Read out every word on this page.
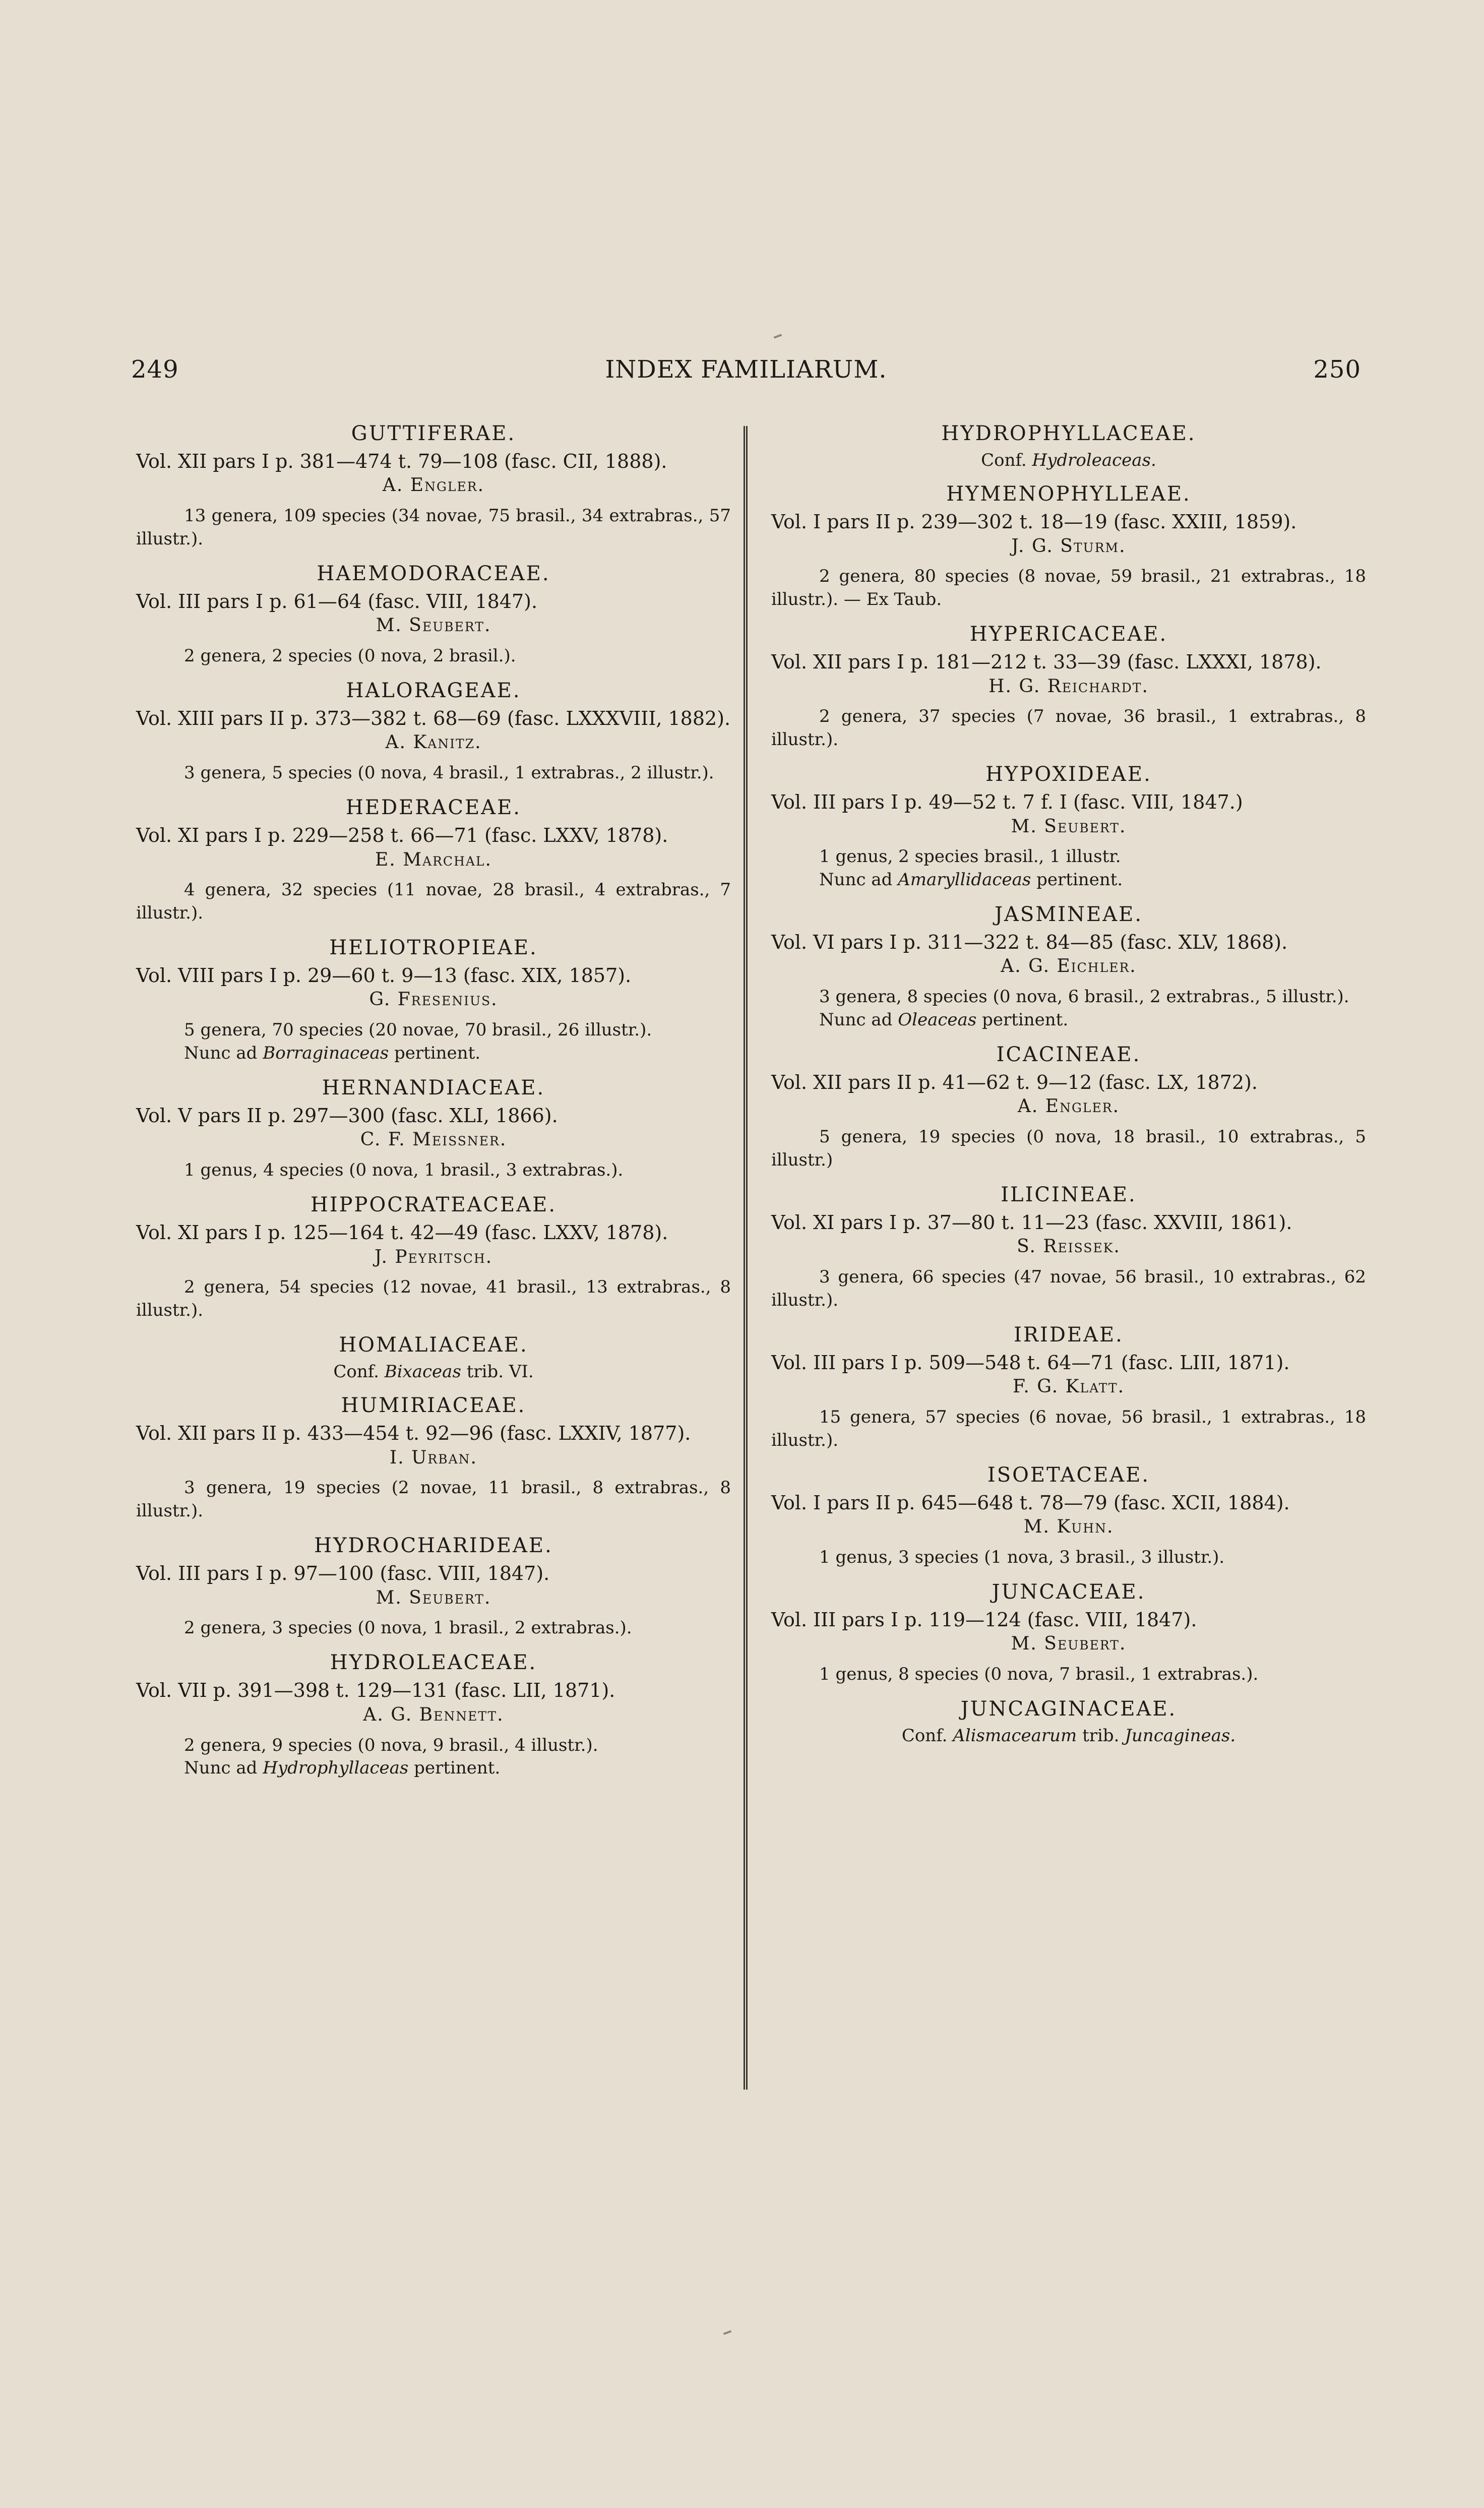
249	INDEX FAMILIARUM.	250
GUTTIFERAE.
Vol. XII pars I p. 381—474 t. 79—108 (fasc. CII, 1888).
A. Engler.
13 genera, 109 species (34 novae, 75 brasil., 34 extrabras., 57 illustr.).
HAEMODORACEAE.
Vol. III pars I p. 61—64 (fasc. VIII, 1847).
M. Seubert.
2 genera, 2 species (0 nova, 2 brasil.).
HALORAGEAE.
Vol. XIII pars II p. 373—382 t. 68—69 (fasc. LXXXVIII, 1882).
A. Kanitz.
3 genera, 5 species (0 nova, 4 brasil., 1 extrabras., 2 illustr.).
HEDERACEAE.
Vol. XI pars I p. 229—258 t. 66—71 (fasc. LXXV, 1878).
E. Marchal.
4 genera, 32 species (11 novae, 28 brasil., 4 extrabras., 7 illustr.).
HELIOTROPIEAE.
Vol. VIII pars I p. 29—60 t. 9—13 (fasc. XIX, 1857).
G. Fresenius.
5 genera, 70 species (20 novae, 70 brasil., 26 illustr.).
Nunc ad Borraginaceas pertinent.
HERNANDIACEAE.
Vol. V pars II p. 297—300 (fasc. XLI, 1866).
C. F. Meissner.
1 genus, 4 species (0 nova, 1 brasil., 3 extrabras.).
HIPPOCRATEACEAE.
Vol. XI pars I p. 125—164 t. 42—49 (fasc. LXXV, 1878).
J. Peyritsch.
2 genera, 54 species (12 novae, 41 brasil., 13 extrabras., 8 illustr.).
HOMALIACEAE.
Conf. Bixaceas trib. VI.
HUMIRIACEAE.
Vol. XII pars II p. 433—454 t. 92—96 (fasc. LXXIV, 1877).
I. Urban.
3 genera, 19 species (2 novae, 11 brasil., 8 extrabras., 8 illustr.).
HYDROCHARIDEAE.
Vol. III pars I p. 97—100 (fasc. VIII, 1847).
M. Seubert.
2 genera, 3 species (0 nova, 1 brasil., 2 extrabras.).
HYDROLEACEAE.
Vol. VII p. 391—398 t. 129—131 (fasc. LII, 1871).
A. G. Bennett.
2 genera, 9 species (0 nova, 9 brasil., 4 illustr.).
Nunc ad Hydrophyllaceas pertinent.
HYDROPHYLLACEAE.
Conf. Hydroleaceas.
HYMENOPHYLLEAE.
Vol. I pars II p. 239—302 t. 18—19 (fasc. XXIII, 1859).
J. G. Sturm.
2 genera, 80 species (8 novae, 59 brasil., 21 extrabras., 18 illustr.). — Ex Taub.
HYPERICACEAE.
Vol. XII pars I p. 181—212 t. 33—39 (fasc. LXXXI, 1878).
H. G. Reichardt.
2 genera, 37 species (7 novae, 36 brasil., 1 extrabras., 8 illustr.).
HYPOXIDEAE.
Vol. III pars I p. 49—52 t. 7 f. I (fasc. VIII, 1847.)
M. Seubert.
1 genus, 2 species brasil., 1 illustr.
Nunc ad Amaryllidaceas pertinent.
JASMINEAE.
Vol. VI pars I p. 311—322 t. 84—85 (fasc. XLV, 1868).
A. G. Eichler.
3 genera, 8 species (0 nova, 6 brasil., 2 extrabras., 5 illustr.).
Nunc ad Oleaceas pertinent.
ICACINEAE.
Vol. XII pars II p. 41—62 t. 9—12 (fasc. LX, 1872).
A. Engler.
5 genera, 19 species (0 nova, 18 brasil., 10 extrabras., 5 illustr.)
ILICINEAE.
Vol. XI pars I p. 37—80 t. 11—23 (fasc. XXVIII, 1861).
S. Reissek.
3 genera, 66 species (47 novae, 56 brasil., 10 extrabras., 62 illustr.).
IRIDEAE.
Vol. III pars I p. 509—548 t. 64—71 (fasc. LIII, 1871).
F. G. Klatt.
15 genera, 57 species (6 novae, 56 brasil., 1 extrabras., 18 illustr.).
ISOETACEAE.
Vol. I pars II p. 645—648 t. 78—79 (fasc. XCII, 1884).
M. Kuhn.
1 genus, 3 species (1 nova, 3 brasil., 3 illustr.).
JUNCACEAE.
Vol. III pars I p. 119—124 (fasc. VIII, 1847).
M. Seubert.
1 genus, 8 species (0 nova, 7 brasil., 1 extrabras.).
JUNCAGINACEAE.
Conf. Alismacearum trib. Juncagineas.
